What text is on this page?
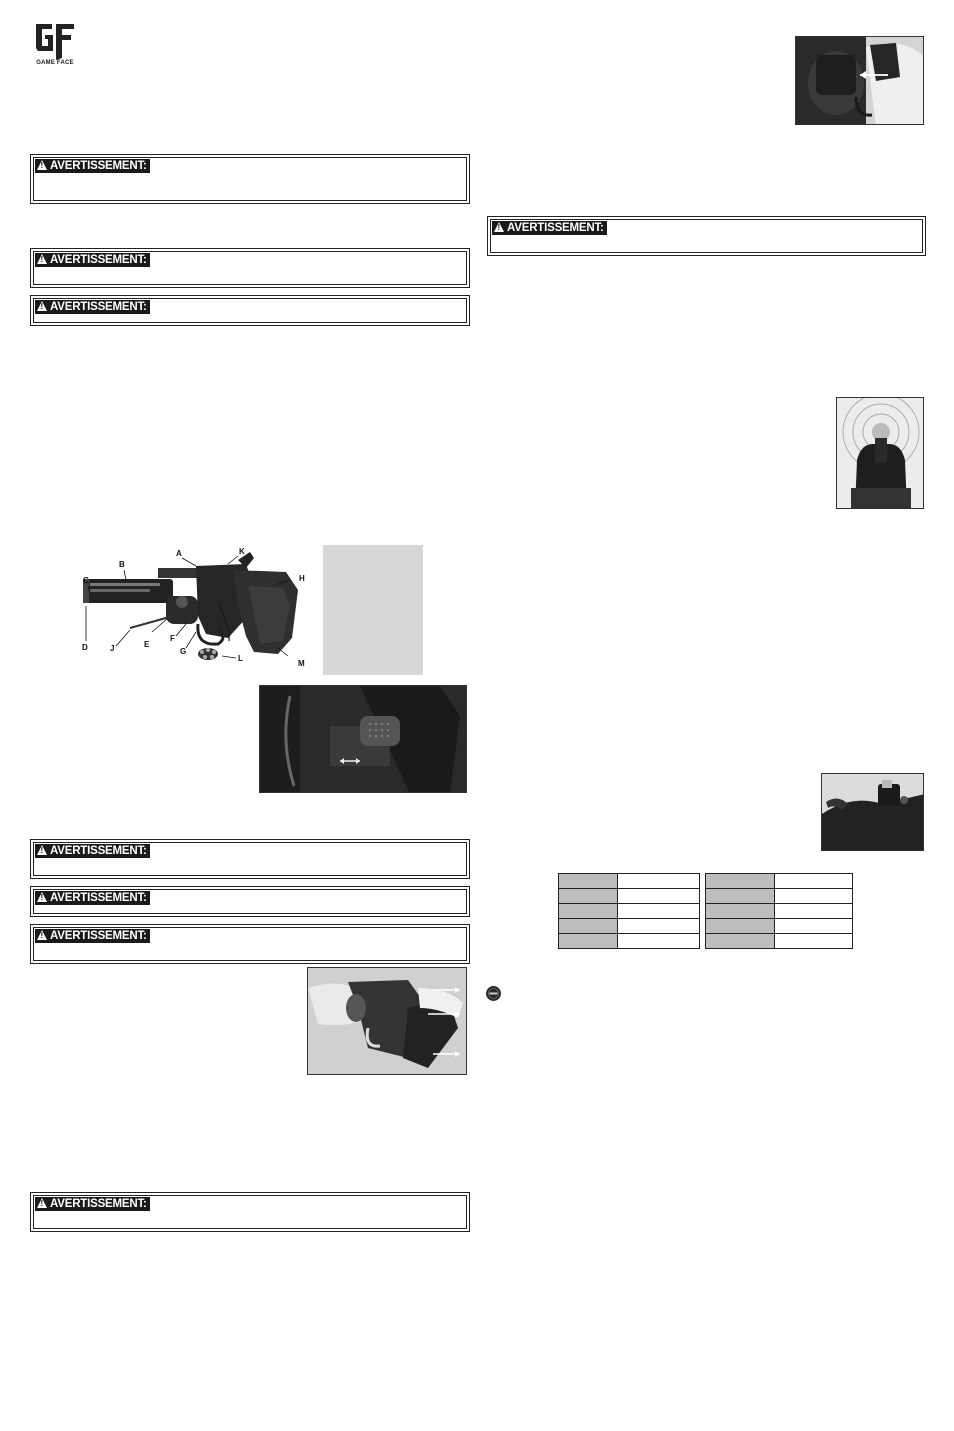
GAME FACE
!AVERTISSEMENT:
!AVERTISSEMENT:
!AVERTISSEMENT:
A
B
C
D	E
F
G
H
I
J
K
L
M
!AVERTISSEMENT:
!AVERTISSEMENT:
!AVERTISSEMENT:
!AVERTISSEMENT:
!AVERTISSEMENT:
